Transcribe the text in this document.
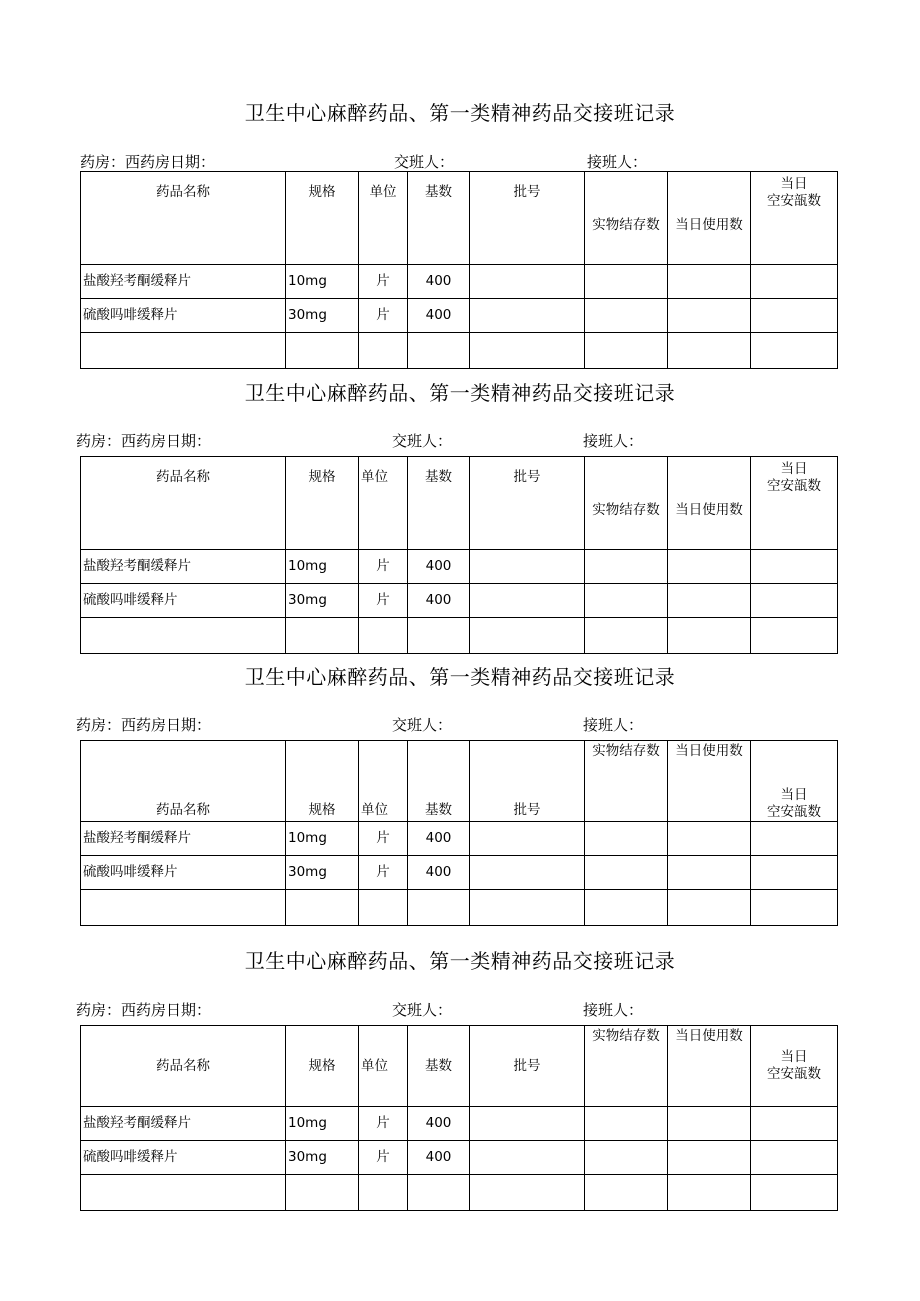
卫生中心麻醉药品、第一类精神药品交接班记录
药房：西药房日期：	交班人：	接班人：
药品名称	规格	单位	基数	批号	实物结存数	当日使用数	当日
空安瓿数

盐酸羟考酮缓释片	10mg	片	400				
硫酸吗啡缓释片	30mg	片	400				

卫生中心麻醉药品、第一类精神药品交接班记录
药房：西药房日期：	交班人：	接班人：
药品名称	规格	单位	基数	批号	实物结存数	当日使用数	当日
空安瓿数

盐酸羟考酮缓释片	10mg	片	400				
硫酸吗啡缓释片	30mg	片	400				

卫生中心麻醉药品、第一类精神药品交接班记录
药房：西药房日期：	交班人：	接班人：
药品名称	规格	单位	基数	批号	实物结存数	当日使用数	当日
空安瓿数

盐酸羟考酮缓释片	10mg	片	400				
硫酸吗啡缓释片	30mg	片	400				

卫生中心麻醉药品、第一类精神药品交接班记录
药房：西药房日期：	交班人：	接班人：
药品名称	规格	单位	基数	批号	实物结存数	当日使用数	当日
空安瓿数

盐酸羟考酮缓释片	10mg	片	400				
硫酸吗啡缓释片	30mg	片	400				
